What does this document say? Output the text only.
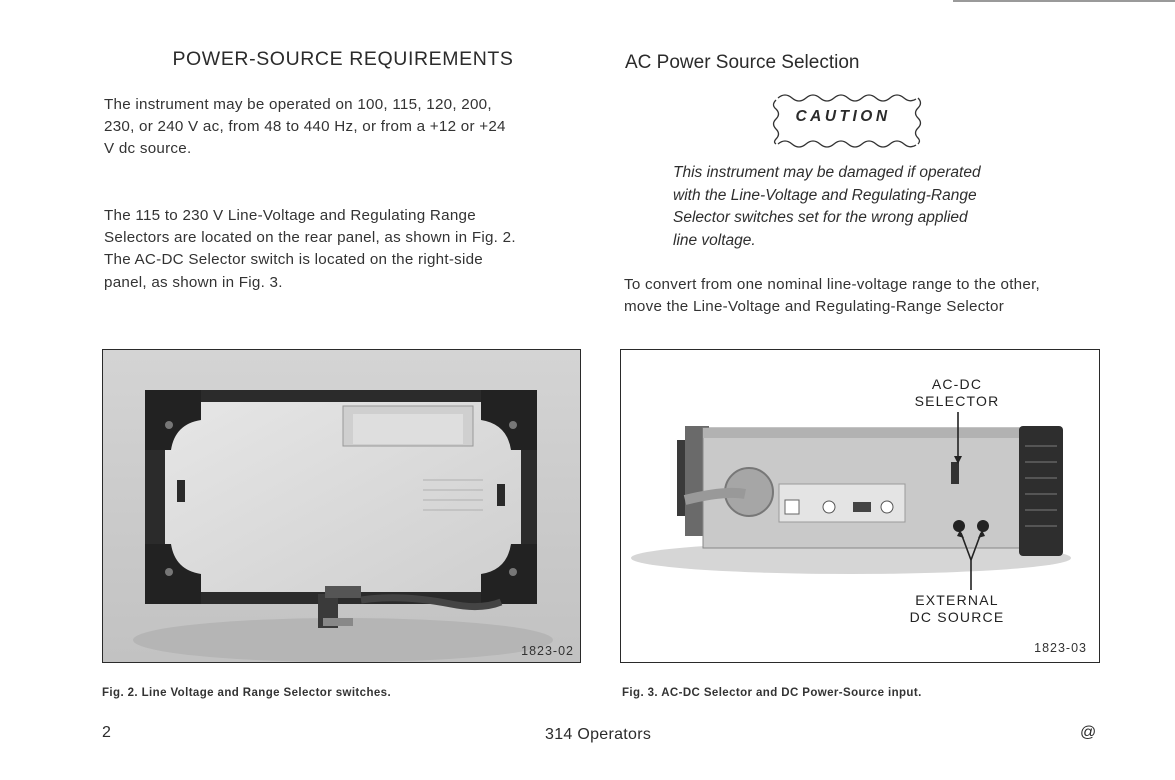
POWER-SOURCE REQUIREMENTS
The instrument may be operated on 100, 115, 120, 200,
230, or 240 V ac, from 48 to 440 Hz, or from a +12 or +24
V dc source.
The 115 to 230 V Line-Voltage and Regulating Range
Selectors are located on the rear panel, as shown in Fig. 2.
The AC-DC Selector switch is located on the right-side
panel, as shown in Fig. 3.
AC Power Source Selection
CAUTION
This instrument may be damaged if operated
with the Line-Voltage and Regulating-Range
Selector switches set for the wrong applied
line voltage.
To convert from one nominal line-voltage range to the other,
move the Line-Voltage and Regulating-Range Selector
1823-02
AC-DC
SELECTOR
EXTERNAL
DC SOURCE
1823-03
Fig. 2. Line Voltage and Range Selector switches.	Fig. 3. AC-DC Selector and DC Power-Source input.
2	314 Operators	@
